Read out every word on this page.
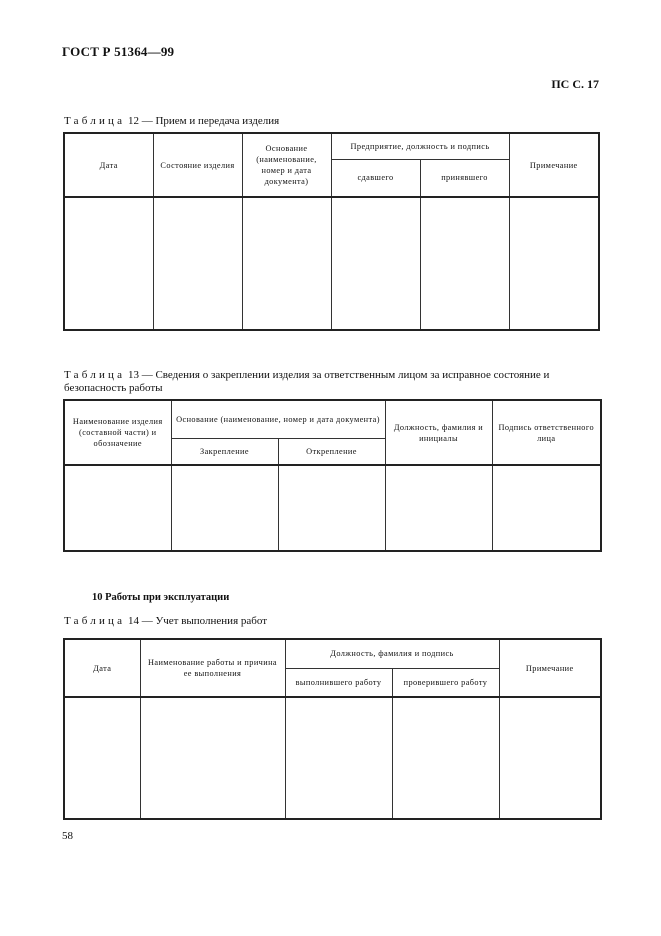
ГОСТ Р 51364—99
ПС С. 17
Таблица 12 — Прием и передача изделия
Дата	Состояние изделия	Основание (наименование, номер и дата документа)	Предприятие, должность и подпись		Примечание
			сдавшего	принявшего	

Таблица 13 — Сведения о закреплении изделия за ответственным лицом за исправное состояние и безопасность работы
Наименование изделия (составной части) и обозначение	Основание (наименование, номер и дата документа)		Должность, фамилия и инициалы	Подпись ответственного лица
	Закрепление	Открепление		

10 Работы при эксплуатации
Таблица 14 — Учет выполнения работ
Дата	Наименование работы и причина ее выполнения	Должность, фамилия и подпись		Примечание
		выполнившего работу	проверившего работу	

58
